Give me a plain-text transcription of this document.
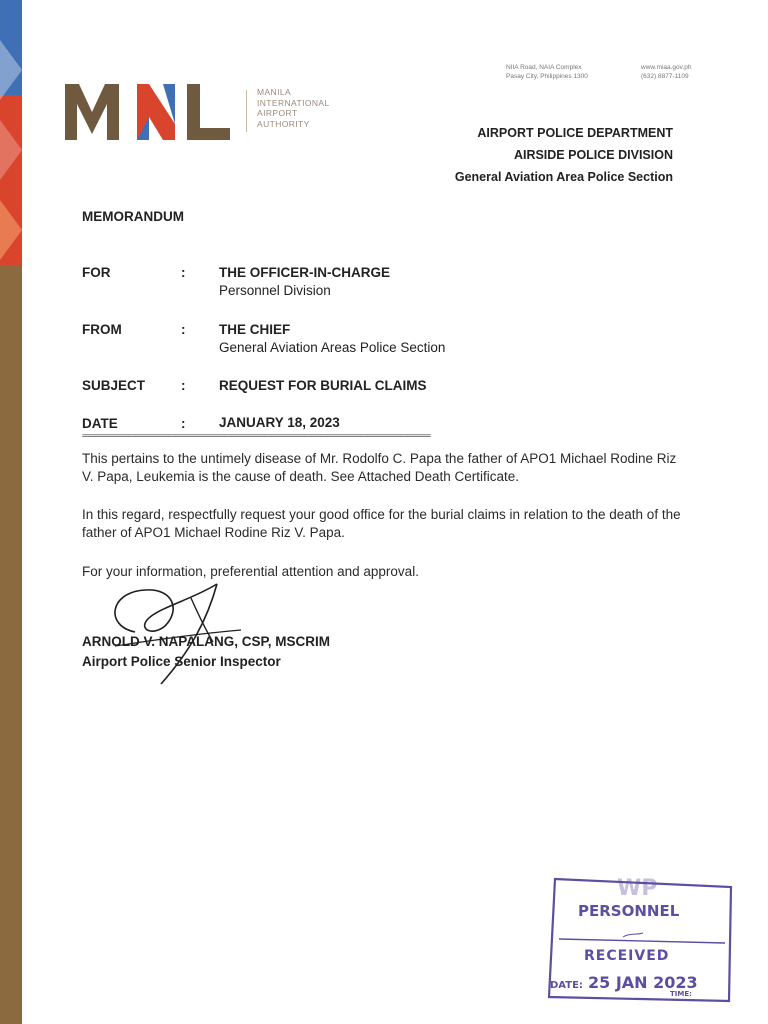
MANILA
INTERNATIONAL
AIRPORT
AUTHORITY
NIIA Road, NAIA Complex
Pasay City, Philippines 1300
www.miaa.gov.ph
(632) 8877-1109
AIRPORT POLICE DEPARTMENT
AIRSIDE POLICE DIVISION
General Aviation Area Police Section
MEMORANDUM
FOR	: THE OFFICER-IN-CHARGE
Personnel Division
FROM	: THE CHIEF
General Aviation Areas Police Section
SUBJECT	: REQUEST FOR BURIAL CLAIMS
DATE	: JANUARY 18, 2023
=========================================================================================================
This pertains to the untimely disease of Mr. Rodolfo C. Papa the father of APO1 Michael Rodine Riz V. Papa, Leukemia is the cause of death. See Attached Death Certificate.
In this regard, respectfully request your good office for the burial claims in relation to the death of the father of APO1 Michael Rodine Riz V. Papa.
For your information, preferential attention and approval.
ARNOLD V. NAPALANG, CSP, MSCRIM
Airport Police Senior Inspector
WP
PERSONNEL
RECEIVED
DATE: 25 JAN 2023
TIME:
